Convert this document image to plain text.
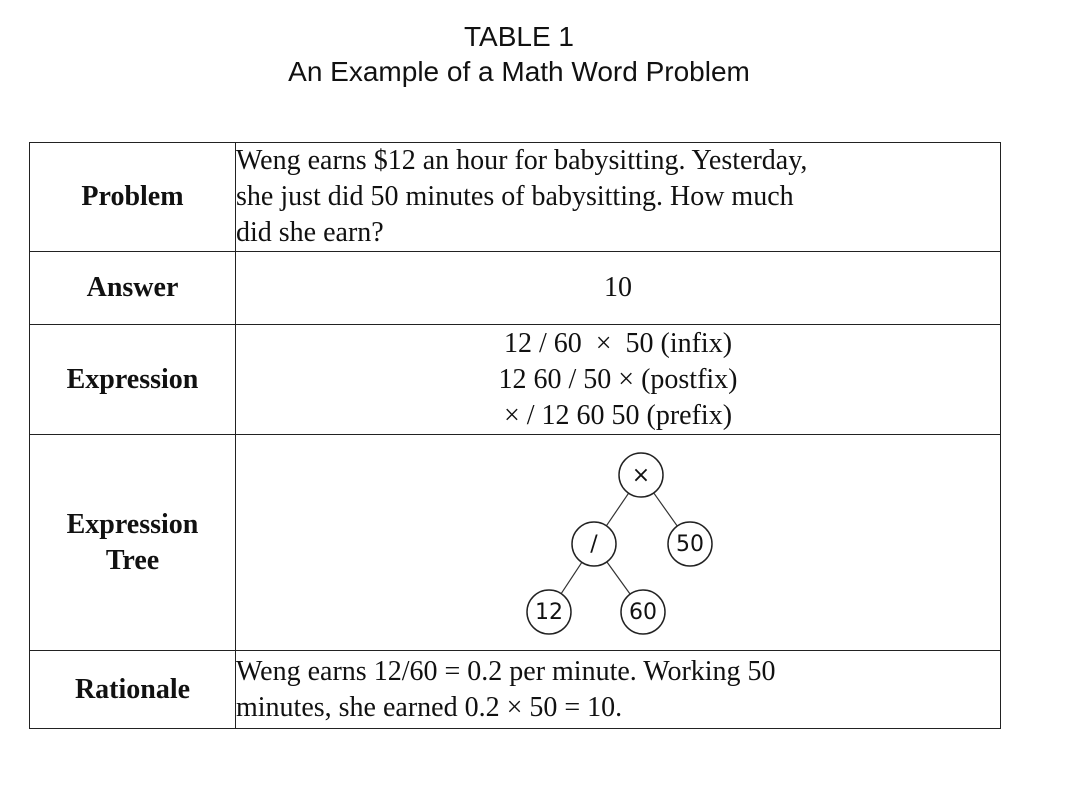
TABLE 1
An Example of a Math Word Problem
Problem	Weng earns $12 an hour for babysitting. Yesterday,
she just did 50 minutes of babysitting. How much
did she earn?

Answer	10
Expression	12 / 60  ×  50 (infix)
12 60 / 50 × (postfix)
× / 12 60 50 (prefix)

Expression
Tree	×
/ 50
12 60

Rationale	Weng earns 12/60 = 0.2 per minute. Working 50
minutes, she earned 0.2 × 50 = 10.
